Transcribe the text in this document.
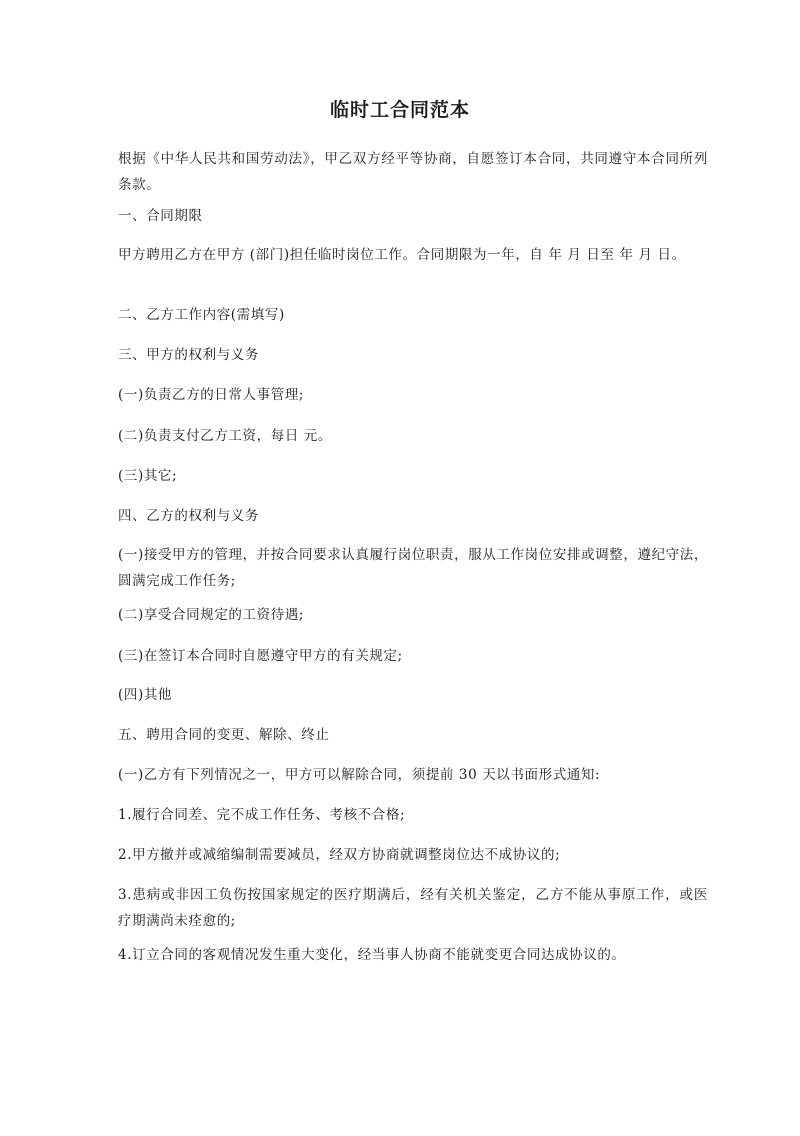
临时工合同范本
根据《中华人民共和国劳动法》，甲乙双方经平等协商，自愿签订本合同，共同遵守本合同所列条款。
一、合同期限
甲方聘用乙方在甲方 (部门)担任临时岗位工作。合同期限为一年，自 年 月 日至 年 月 日。
二、乙方工作内容(需填写)
三、甲方的权利与义务
(一)负责乙方的日常人事管理;
(二)负责支付乙方工资，每日 元。
(三)其它;
四、乙方的权利与义务
(一)接受甲方的管理，并按合同要求认真履行岗位职责，服从工作岗位安排或调整，遵纪守法，圆满完成工作任务;
(二)享受合同规定的工资待遇;
(三)在签订本合同时自愿遵守甲方的有关规定;
(四)其他
五、聘用合同的变更、解除、终止
(一)乙方有下列情况之一，甲方可以解除合同，须提前 30 天以书面形式通知:
1.履行合同差、完不成工作任务、考核不合格;
2.甲方撤并或减缩编制需要减员，经双方协商就调整岗位达不成协议的;
3.患病或非因工负伤按国家规定的医疗期满后，经有关机关鉴定，乙方不能从事原工作，或医疗期满尚未痊愈的;
4.订立合同的客观情况发生重大变化，经当事人协商不能就变更合同达成协议的。
